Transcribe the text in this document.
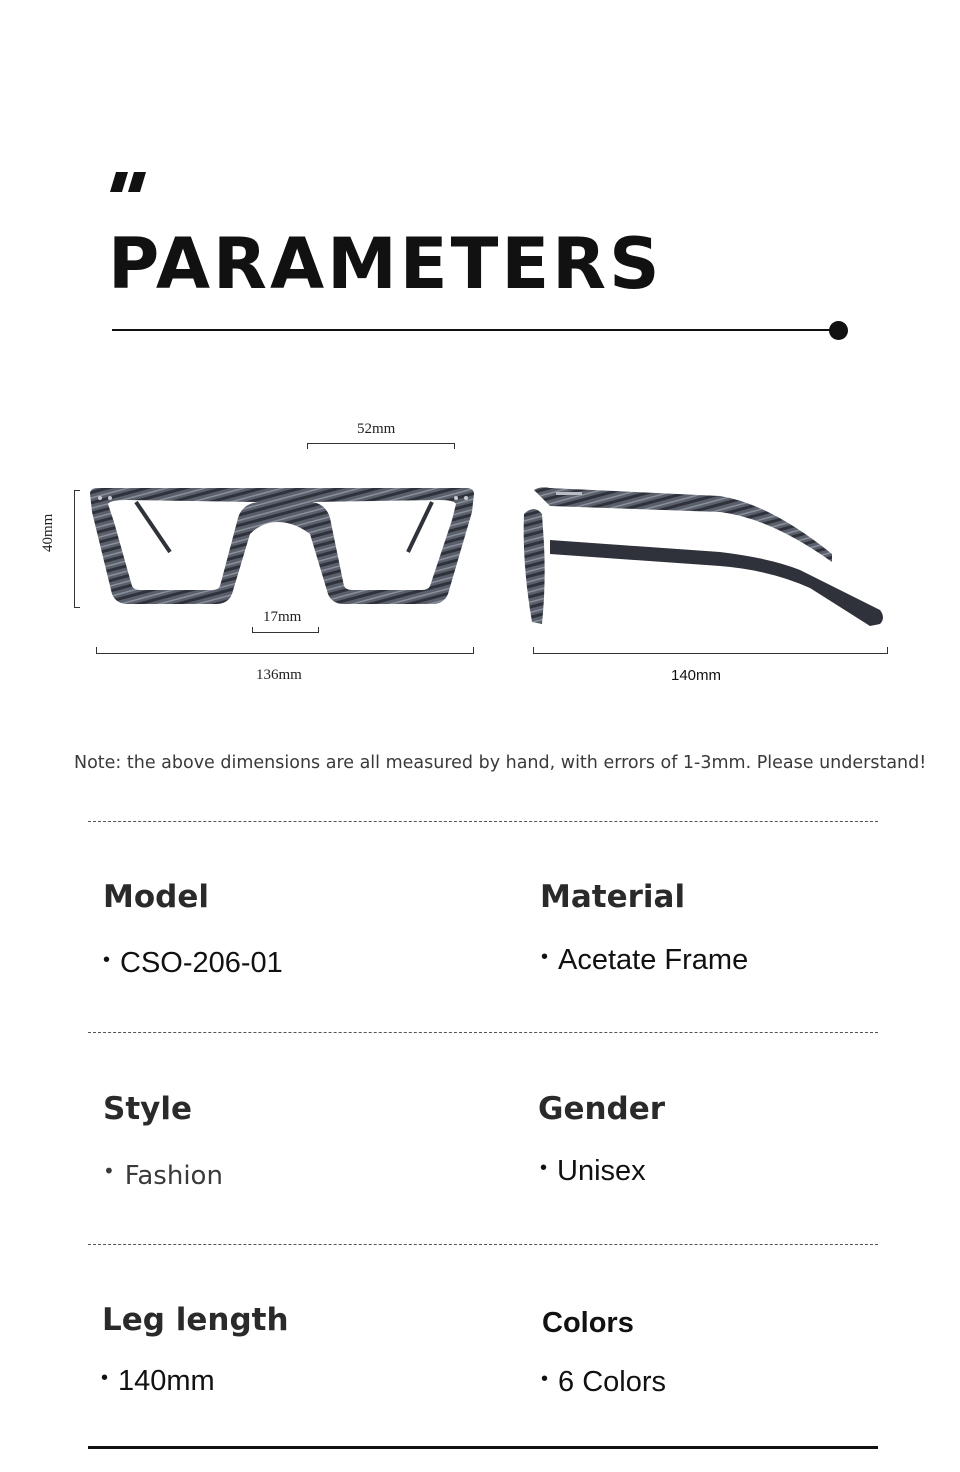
PARAMETERS
52mm
40mm
17mm
136mm	140mm
Note: the above dimensions are all measured by hand, with errors of 1-3mm. Please understand!
Model
• CSO-206-01
Material
• Acetate Frame
Style
• Fashion
Gender
• Unisex
Leg length
• 140mm
Colors
• 6 Colors
